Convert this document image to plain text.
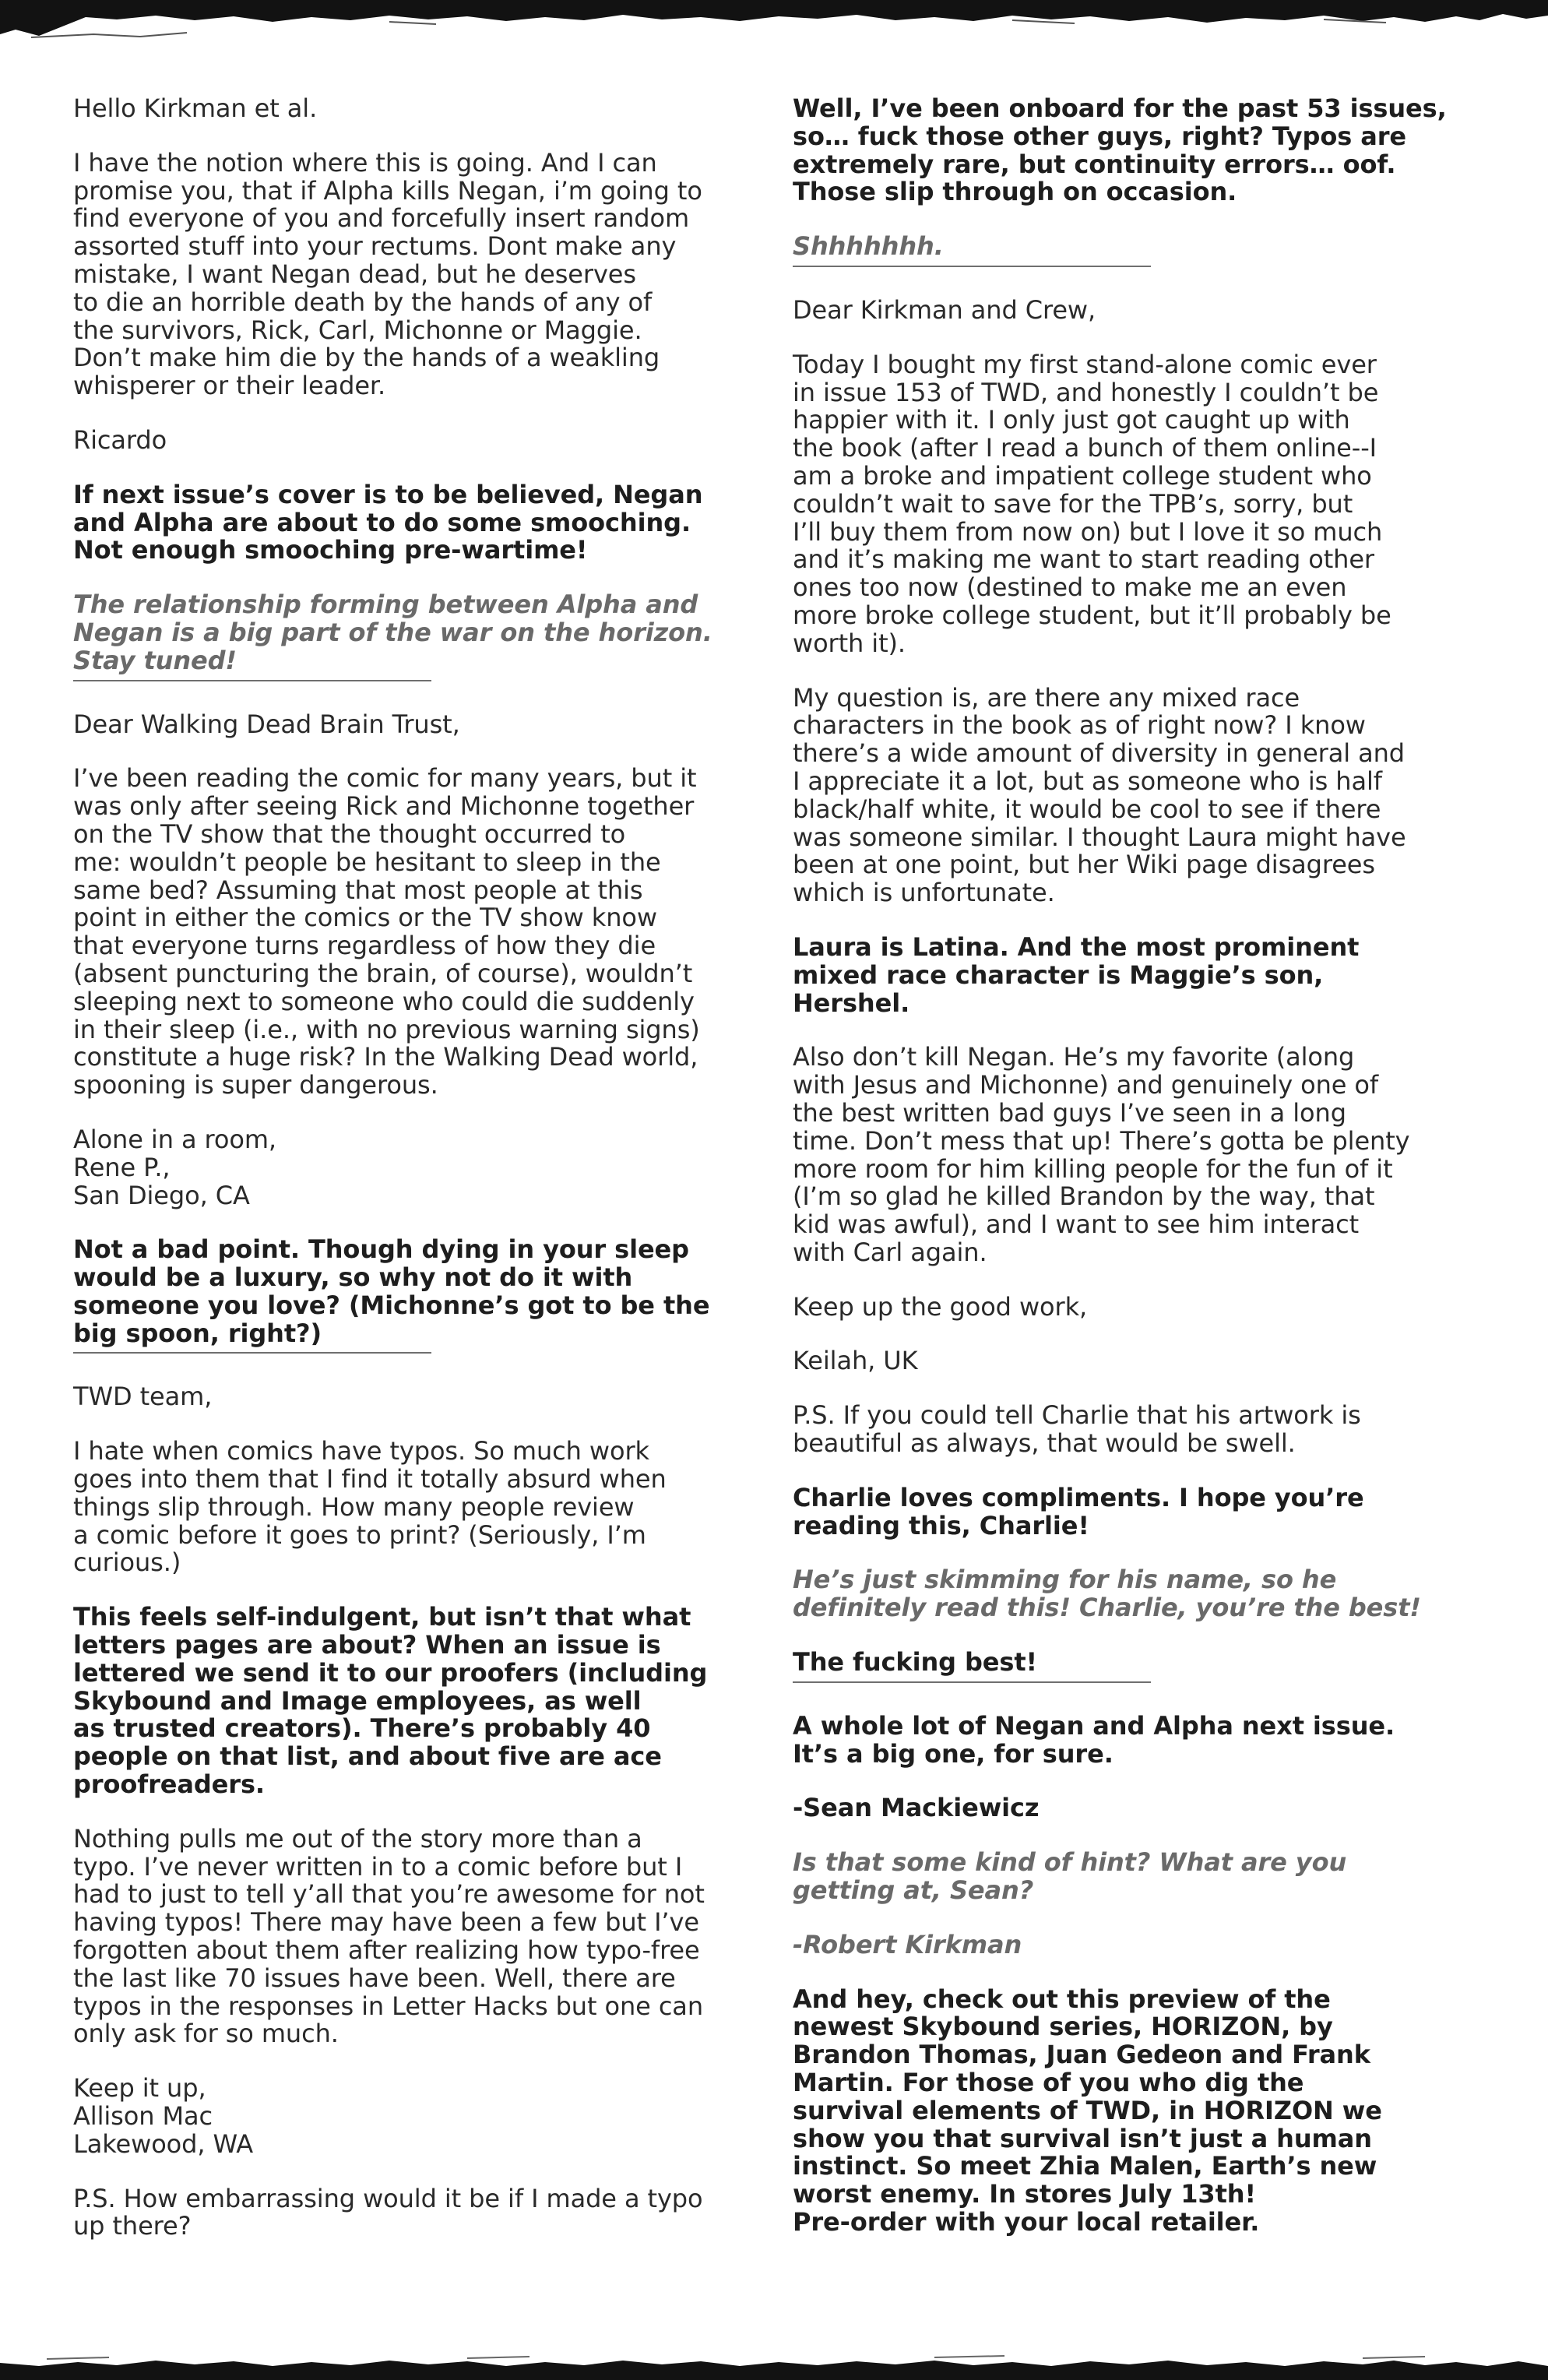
Hello Kirkman et al.

I have the notion where this is going. And I can
promise you, that if Alpha kills Negan, i’m going to
find everyone of you and forcefully insert random
assorted stuff into your rectums. Dont make any
mistake, I want Negan dead, but he deserves
to die an horrible death by the hands of any of
the survivors, Rick, Carl, Michonne or Maggie.
Don’t make him die by the hands of a weakling
whisperer or their leader.

Ricardo

If next issue’s cover is to be believed, Negan
and Alpha are about to do some smooching.
Not enough smooching pre-wartime!

The relationship forming between Alpha and
Negan is a big part of the war on the horizon.
Stay tuned!

Dear Walking Dead Brain Trust,

I’ve been reading the comic for many years, but it
was only after seeing Rick and Michonne together
on the TV show that the thought occurred to
me: wouldn’t people be hesitant to sleep in the
same bed? Assuming that most people at this
point in either the comics or the TV show know
that everyone turns regardless of how they die
(absent puncturing the brain, of course), wouldn’t
sleeping next to someone who could die suddenly
in their sleep (i.e., with no previous warning signs)
constitute a huge risk? In the Walking Dead world,
spooning is super dangerous.

Alone in a room,
Rene P.,
San Diego, CA

Not a bad point. Though dying in your sleep
would be a luxury, so why not do it with
someone you love? (Michonne’s got to be the
big spoon, right?)

TWD team,

I hate when comics have typos. So much work
goes into them that I find it totally absurd when
things slip through. How many people review
a comic before it goes to print? (Seriously, I’m
curious.)

This feels self-indulgent, but isn’t that what
letters pages are about? When an issue is
lettered we send it to our proofers (including
Skybound and Image employees, as well
as trusted creators). There’s probably 40
people on that list, and about five are ace
proofreaders.

Nothing pulls me out of the story more than a
typo. I’ve never written in to a comic before but I
had to just to tell y’all that you’re awesome for not
having typos! There may have been a few but I’ve
forgotten about them after realizing how typo-free
the last like 70 issues have been. Well, there are
typos in the responses in Letter Hacks but one can
only ask for so much.

Keep it up,
Allison Mac
Lakewood, WA

P.S. How embarrassing would it be if I made a typo
up there?

Well, I’ve been onboard for the past 53 issues,
so… fuck those other guys, right? Typos are
extremely rare, but continuity errors… oof.
Those slip through on occasion.

Shhhhhhh.

Dear Kirkman and Crew,

Today I bought my first stand-alone comic ever
in issue 153 of TWD, and honestly I couldn’t be
happier with it. I only just got caught up with
the book (after I read a bunch of them online--I
am a broke and impatient college student who
couldn’t wait to save for the TPB’s, sorry, but
I’ll buy them from now on) but I love it so much
and it’s making me want to start reading other
ones too now (destined to make me an even
more broke college student, but it’ll probably be
worth it).

My question is, are there any mixed race
characters in the book as of right now? I know
there’s a wide amount of diversity in general and
I appreciate it a lot, but as someone who is half
black/half white, it would be cool to see if there
was someone similar. I thought Laura might have
been at one point, but her Wiki page disagrees
which is unfortunate.

Laura is Latina. And the most prominent
mixed race character is Maggie’s son,
Hershel.

Also don’t kill Negan. He’s my favorite (along
with Jesus and Michonne) and genuinely one of
the best written bad guys I’ve seen in a long
time. Don’t mess that up! There’s gotta be plenty
more room for him killing people for the fun of it
(I’m so glad he killed Brandon by the way, that
kid was awful), and I want to see him interact
with Carl again.

Keep up the good work,

Keilah, UK

P.S. If you could tell Charlie that his artwork is
beautiful as always, that would be swell.

Charlie loves compliments. I hope you’re
reading this, Charlie!

He’s just skimming for his name, so he
definitely read this! Charlie, you’re the best!

The fucking best!

A whole lot of Negan and Alpha next issue.
It’s a big one, for sure.

-Sean Mackiewicz

Is that some kind of hint? What are you
getting at, Sean?

-Robert Kirkman

And hey, check out this preview of the
newest Skybound series, HORIZON, by
Brandon Thomas, Juan Gedeon and Frank
Martin. For those of you who dig the
survival elements of TWD, in HORIZON we
show you that survival isn’t just a human
instinct. So meet Zhia Malen, Earth’s new
worst enemy. In stores July 13th!
Pre-order with your local retailer.
